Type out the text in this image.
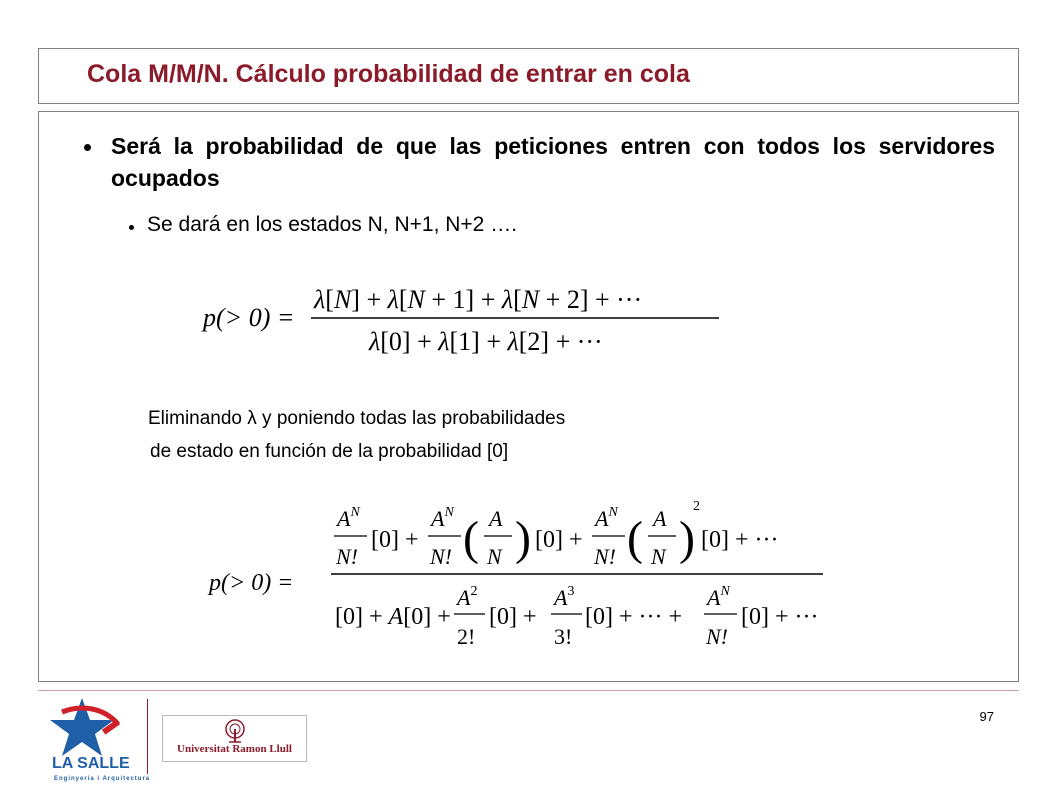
Cola M/M/N. Cálculo probabilidad de entrar en cola
Será la probabilidad de que las peticiones entren con todos los servidores ocupados
Se dará en los estados N, N+1, N+2 ….
p(> 0) =
λ[N] + λ[N + 1] + λ[N + 2] + ···
λ[0] + λ[1] + λ[2] + ···
Eliminando λ y poniendo todas las probabilidades
de estado en función de la probabilidad [0]
p(> 0) =
$A^N$
N!
[0] +
$A^N$
N! ( A
N ) [0] +
$A^N$
N! ( A
N )
2
[0] + ···
[0] + A[0] +
$A^2$
2!
[0] +
$A^3$
3!
[0] + ··· +
$A^N$
N!
[0] + ···
97
LA SALLE
Enginyeria i Arquitectura
Universitat Ramon Llull
